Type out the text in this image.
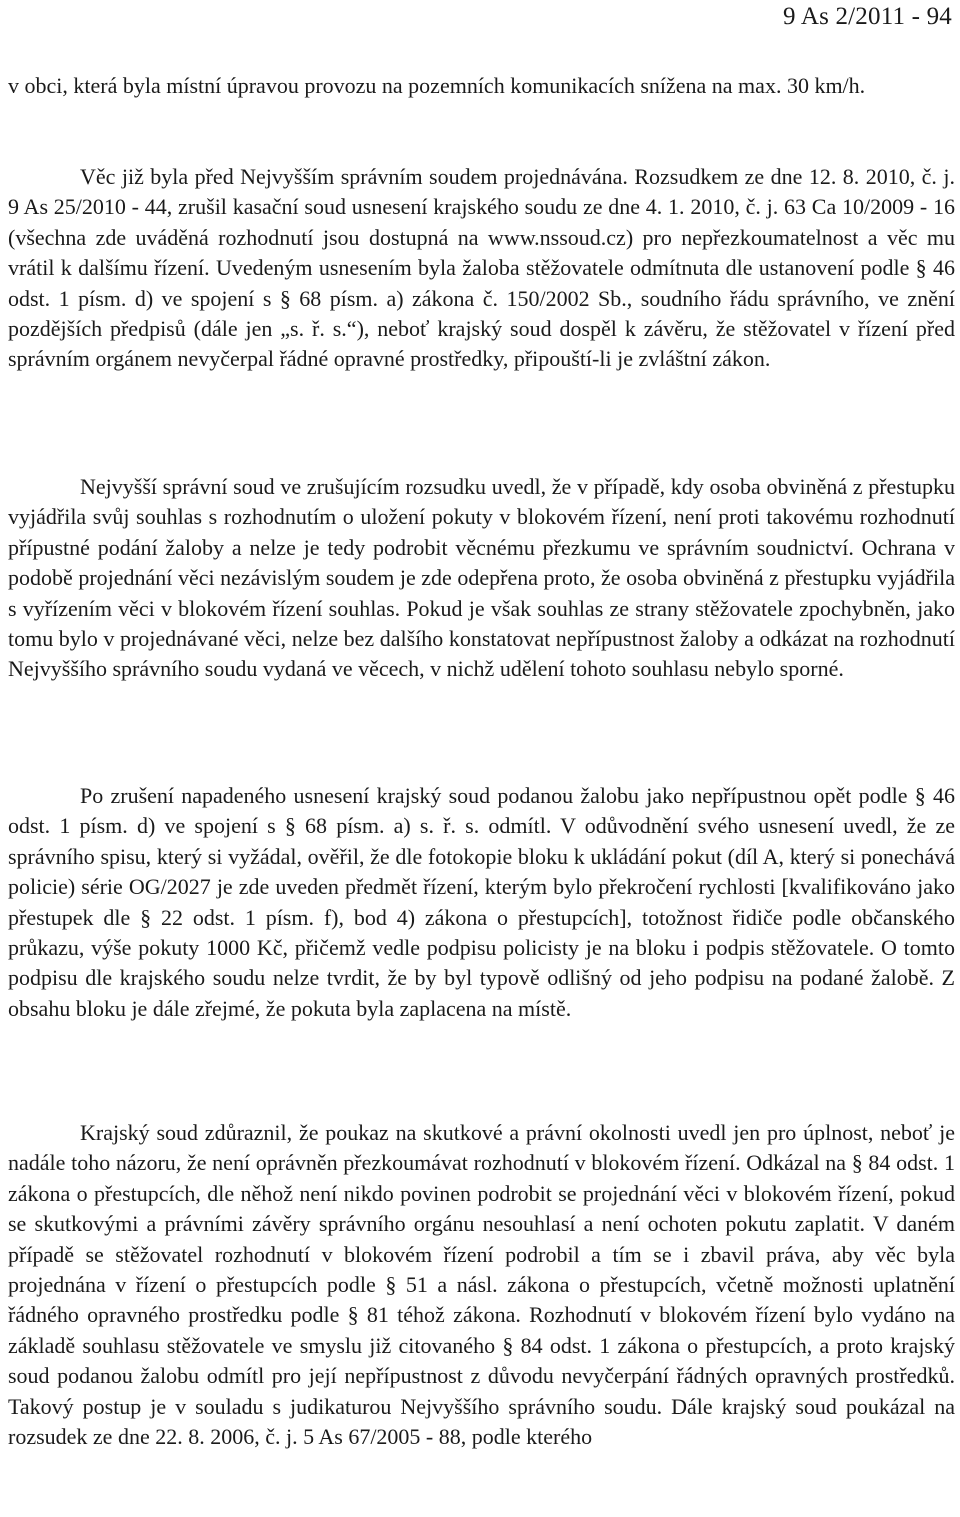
9 As 2/2011 - 94

v obci, která byla místní úpravou provozu na pozemních komunikacích snížena na max. 30 km/h.

Věc již byla před Nejvyšším správním soudem projednávána. Rozsudkem ze dne 12. 8. 2010, č. j. 9 As 25/2010 - 44, zrušil kasační soud usnesení krajského soudu ze dne 4. 1. 2010, č. j. 63 Ca 10/2009 - 16 (všechna zde uváděná rozhodnutí jsou dostupná na www.nssoud.cz) pro nepřezkoumatelnost a věc mu vrátil k dalšímu řízení. Uvedeným usnesením byla žaloba stěžovatele odmítnuta dle ustanovení podle § 46 odst. 1 písm. d) ve spojení s § 68 písm. a) zákona č. 150/2002 Sb., soudního řádu správního, ve znění pozdějších předpisů (dále jen „s. ř. s.“), neboť krajský soud dospěl k závěru, že stěžovatel v řízení před správním orgánem nevyčerpal řádné opravné prostředky, připouští-li je zvláštní zákon.

Nejvyšší správní soud ve zrušujícím rozsudku uvedl, že v případě, kdy osoba obviněná z přestupku vyjádřila svůj souhlas s rozhodnutím o uložení pokuty v blokovém řízení, není proti takovému rozhodnutí přípustné podání žaloby a nelze je tedy podrobit věcnému přezkumu ve správním soudnictví. Ochrana v podobě projednání věci nezávislým soudem je zde odepřena proto, že osoba obviněná z přestupku vyjádřila s vyřízením věci v blokovém řízení souhlas. Pokud je však souhlas ze strany stěžovatele zpochybněn, jako tomu bylo v projednávané věci, nelze bez dalšího konstatovat nepřípustnost žaloby a odkázat na rozhodnutí Nejvyššího správního soudu vydaná ve věcech, v nichž udělení tohoto souhlasu nebylo sporné.

Po zrušení napadeného usnesení krajský soud podanou žalobu jako nepřípustnou opět podle § 46 odst. 1 písm. d) ve spojení s § 68 písm. a) s. ř. s. odmítl. V odůvodnění svého usnesení uvedl, že ze správního spisu, který si vyžádal, ověřil, že dle fotokopie bloku k ukládání pokut (díl A, který si ponechává policie) série OG/2027 je zde uveden předmět řízení, kterým bylo překročení rychlosti [kvalifikováno jako přestupek dle § 22 odst. 1 písm. f), bod 4) zákona o přestupcích], totožnost řidiče podle občanského průkazu, výše pokuty 1000 Kč, přičemž vedle podpisu policisty je na bloku i podpis stěžovatele. O tomto podpisu dle krajského soudu nelze tvrdit, že by byl typově odlišný od jeho podpisu na podané žalobě. Z obsahu bloku je dále zřejmé, že pokuta byla zaplacena na místě.

Krajský soud zdůraznil, že poukaz na skutkové a právní okolnosti uvedl jen pro úplnost, neboť je nadále toho názoru, že není oprávněn přezkoumávat rozhodnutí v blokovém řízení. Odkázal na § 84 odst. 1 zákona o přestupcích, dle něhož není nikdo povinen podrobit se projednání věci v blokovém řízení, pokud se skutkovými a právními závěry správního orgánu nesouhlasí a není ochoten pokutu zaplatit. V daném případě se stěžovatel rozhodnutí v blokovém řízení podrobil a tím se i zbavil práva, aby věc byla projednána v řízení o přestupcích podle § 51 a násl. zákona o přestupcích, včetně možnosti uplatnění řádného opravného prostředku podle § 81 téhož zákona. Rozhodnutí v blokovém řízení bylo vydáno na základě souhlasu stěžovatele ve smyslu již citovaného § 84 odst. 1 zákona o přestupcích, a proto krajský soud podanou žalobu odmítl pro její nepřípustnost z důvodu nevyčerpání řádných opravných prostředků. Takový postup je v souladu s judikaturou Nejvyššího správního soudu. Dále krajský soud poukázal na rozsudek ze dne 22. 8. 2006, č. j. 5 As 67/2005 - 88, podle kterého
